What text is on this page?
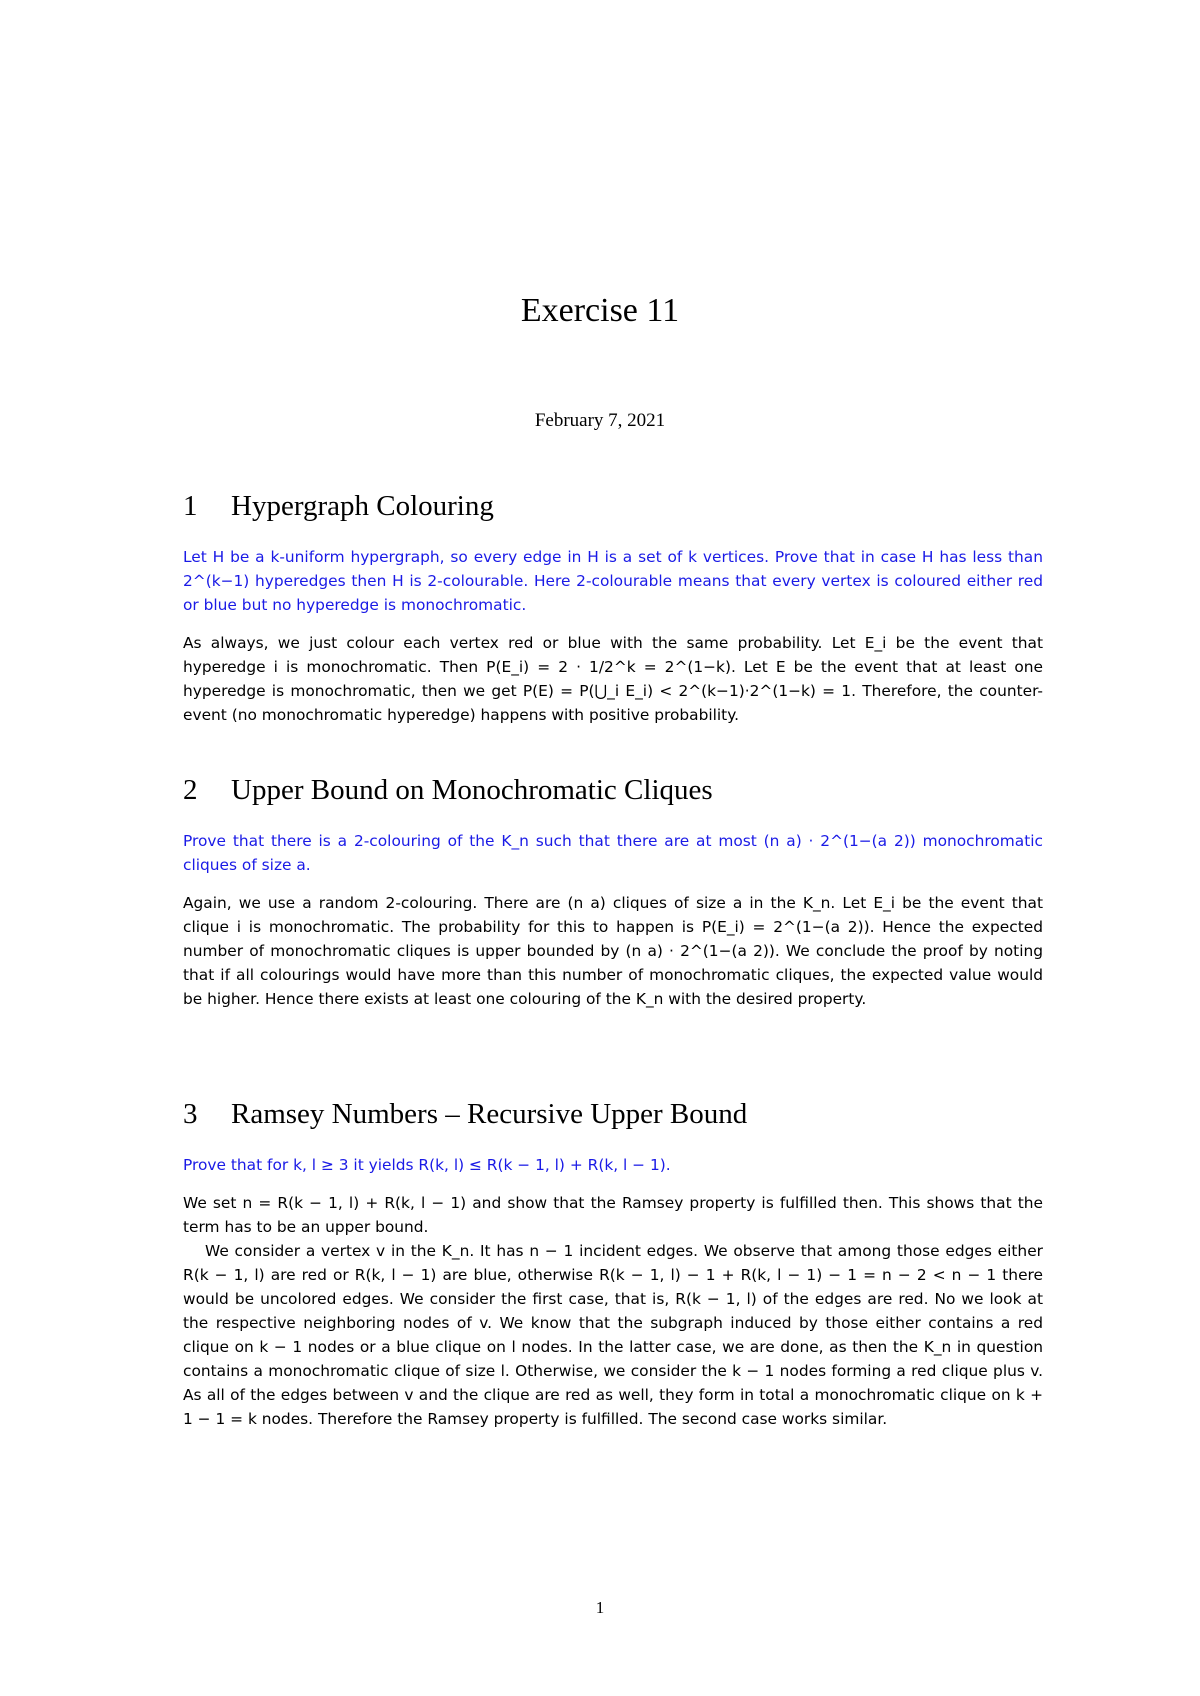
Exercise 11
February 7, 2021
1 Hypergraph Colouring

Let H be a k-uniform hypergraph, so every edge in H is a set of k vertices. Prove that in case H has less than 2^(k−1) hyperedges then H is 2-colourable. Here 2-colourable means that every vertex is coloured either red or blue but no hyperedge is monochromatic.

As always, we just colour each vertex red or blue with the same probability. Let E_i be the event that hyperedge i is monochromatic. Then P(E_i) = 2 · 1/2^k = 2^(1−k). Let E be the event that at least one hyperedge is monochromatic, then we get P(E) = P(⋃_i E_i) < 2^(k−1)·2^(1−k) = 1. Therefore, the counter-event (no monochromatic hyperedge) happens with positive probability.

2 Upper Bound on Monochromatic Cliques

Prove that there is a 2-colouring of the K_n such that there are at most (n a) · 2^(1−(a 2)) monochromatic cliques of size a.

Again, we use a random 2-colouring. There are (n a) cliques of size a in the K_n. Let E_i be the event that clique i is monochromatic. The probability for this to happen is P(E_i) = 2^(1−(a 2)). Hence the expected number of monochromatic cliques is upper bounded by (n a) · 2^(1−(a 2)). We conclude the proof by noting that if all colourings would have more than this number of monochromatic cliques, the expected value would be higher. Hence there exists at least one colouring of the K_n with the desired property.

3 Ramsey Numbers – Recursive Upper Bound

Prove that for k, l ≥ 3 it yields R(k, l) ≤ R(k − 1, l) + R(k, l − 1).

We set n = R(k − 1, l) + R(k, l − 1) and show that the Ramsey property is fulfilled then. This shows that the term has to be an upper bound.

We consider a vertex v in the K_n. It has n − 1 incident edges. We observe that among those edges either R(k − 1, l) are red or R(k, l − 1) are blue, otherwise R(k − 1, l) − 1 + R(k, l − 1) − 1 = n − 2 < n − 1 there would be uncolored edges. We consider the first case, that is, R(k − 1, l) of the edges are red. No we look at the respective neighboring nodes of v. We know that the subgraph induced by those either contains a red clique on k − 1 nodes or a blue clique on l nodes. In the latter case, we are done, as then the K_n in question contains a monochromatic clique of size l. Otherwise, we consider the k − 1 nodes forming a red clique plus v. As all of the edges between v and the clique are red as well, they form in total a monochromatic clique on k + 1 − 1 = k nodes. Therefore the Ramsey property is fulfilled. The second case works similar.

1
